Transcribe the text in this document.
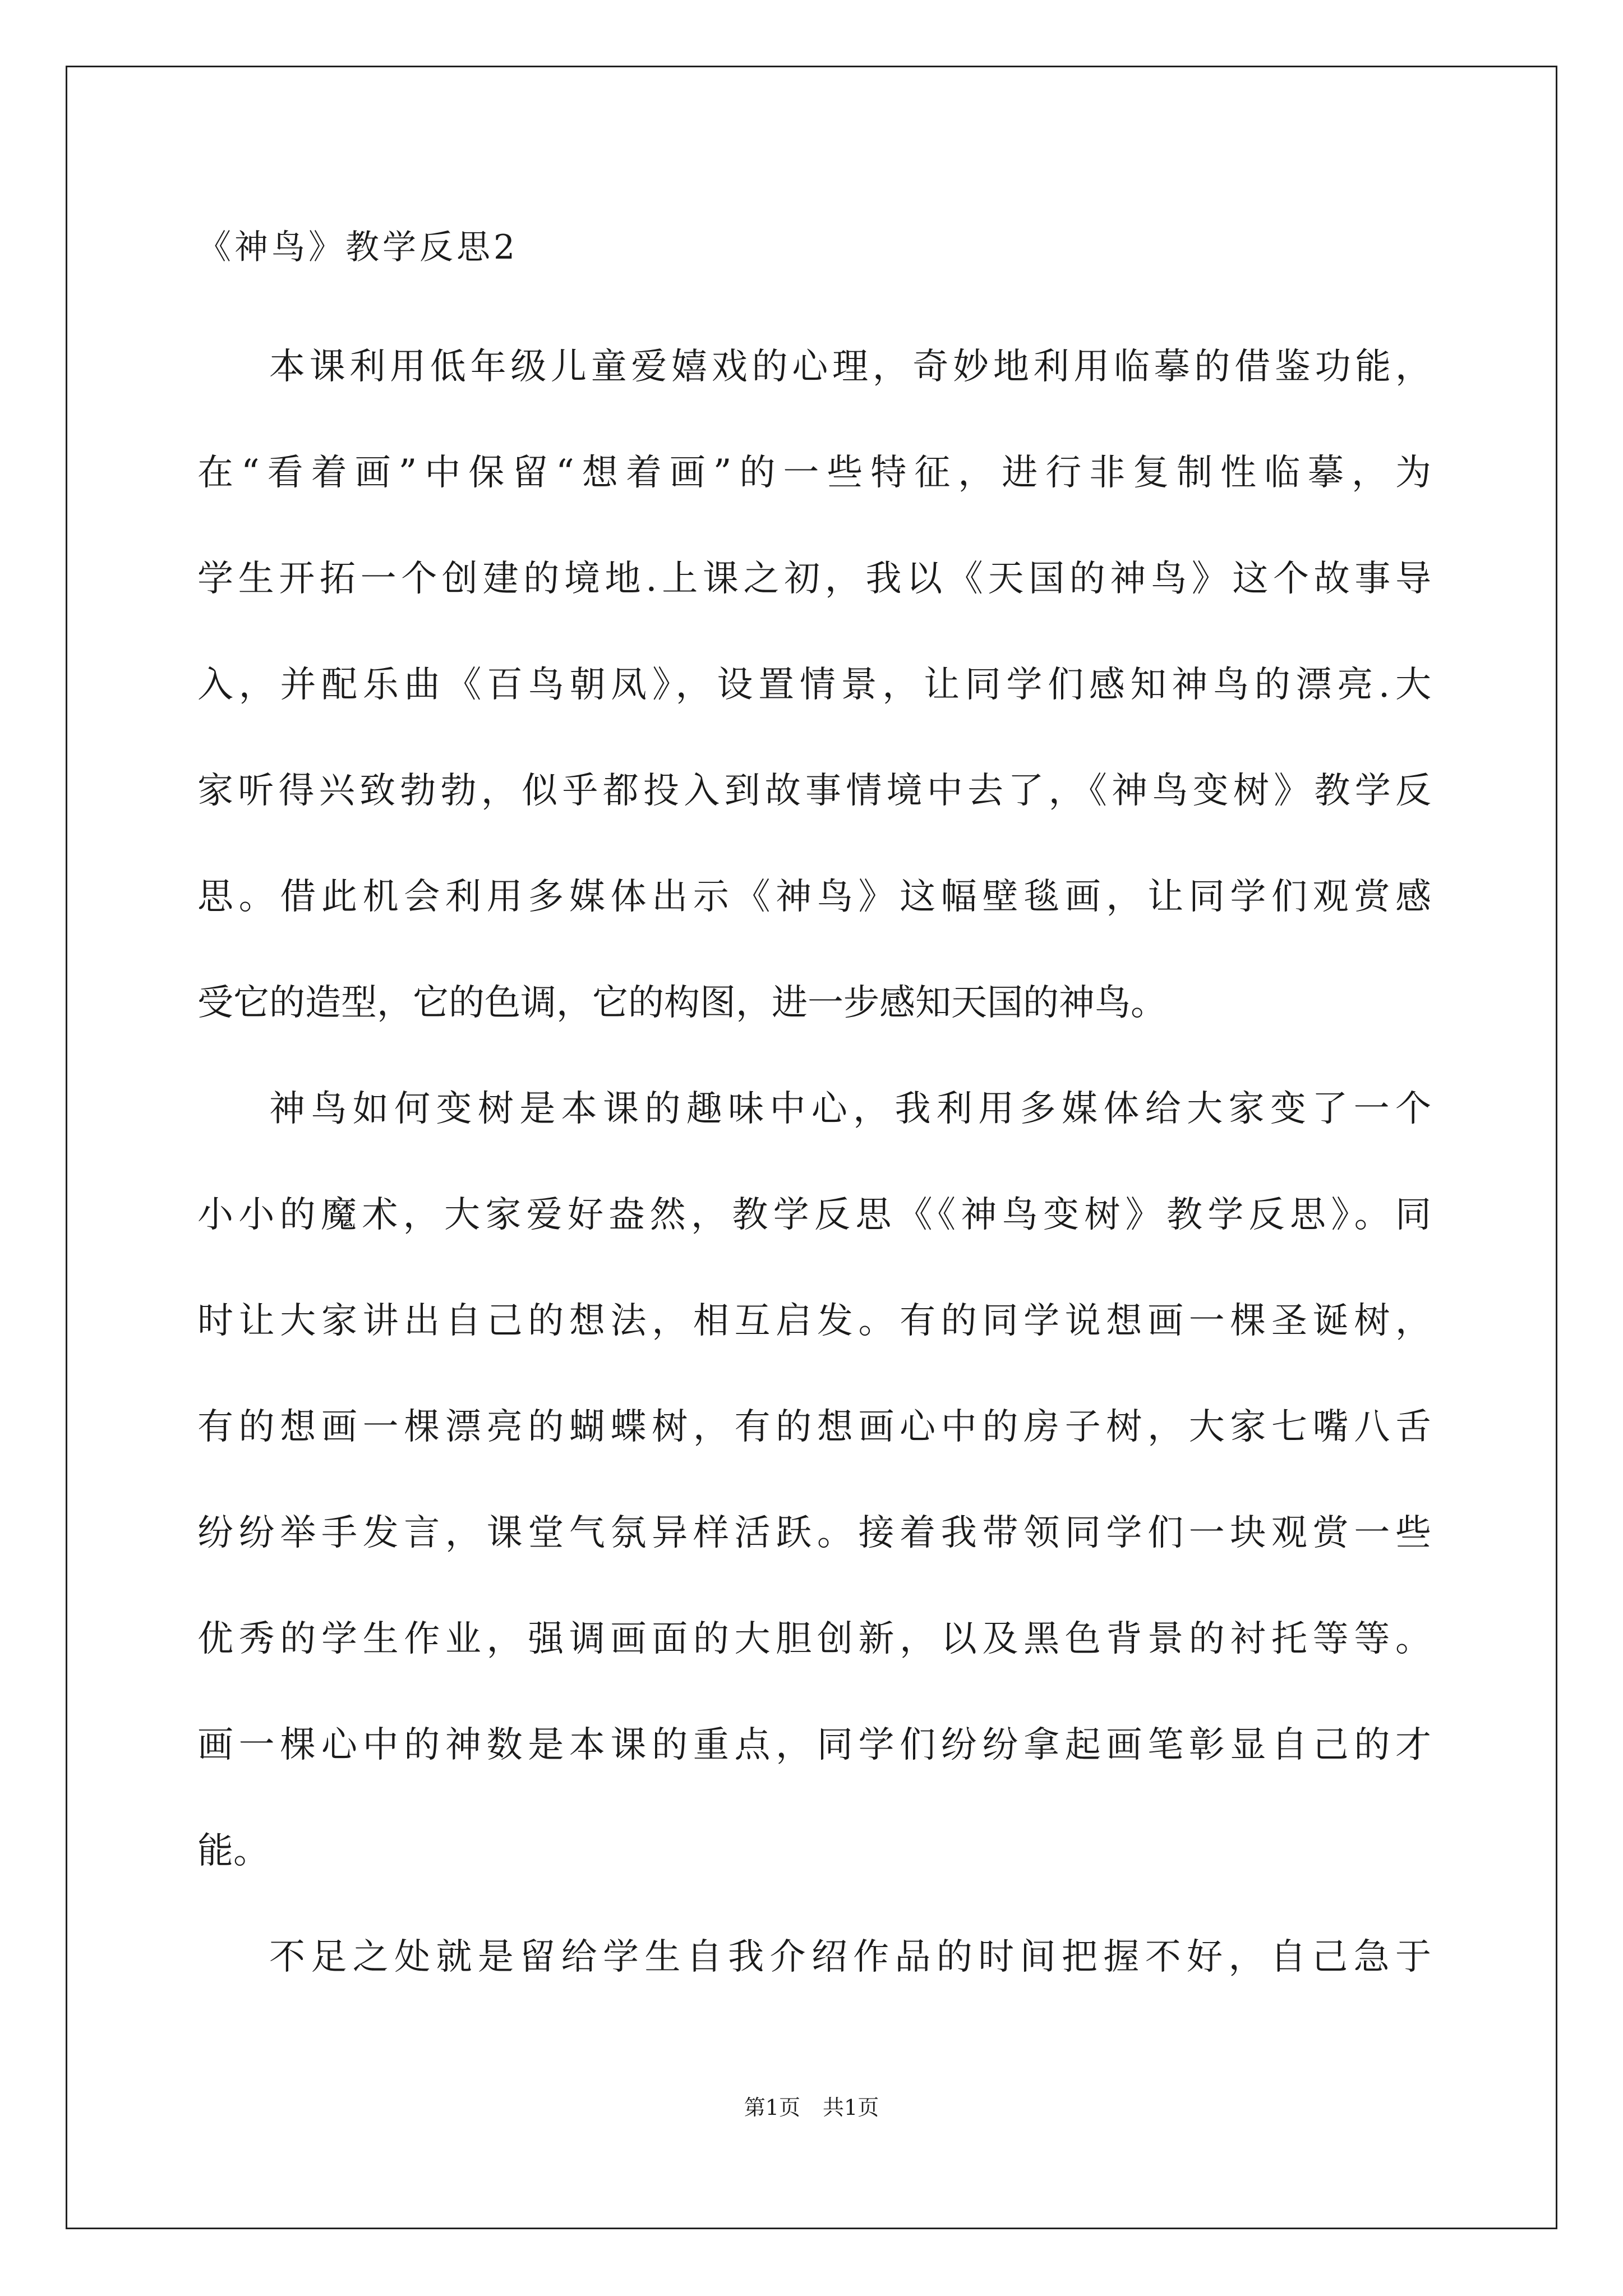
《神鸟》教学反思2

本课利用低年级儿童爱嬉戏的心理，奇妙地利用临摹的借鉴功能，

在“看着画”中保留“想着画”的一些特征，进行非复制性临摹，为

学生开拓一个创建的境地.上课之初，我以《天国的神鸟》这个故事导

入，并配乐曲《百鸟朝凤》，设置情景，让同学们感知神鸟的漂亮.大

家听得兴致勃勃，似乎都投入到故事情境中去了，《神鸟变树》教学反

思。借此机会利用多媒体出示《神鸟》这幅壁毯画，让同学们观赏感

受它的造型，它的色调，它的构图，进一步感知天国的神鸟。

神鸟如何变树是本课的趣味中心，我利用多媒体给大家变了一个

小小的魔术，大家爱好盎然，教学反思《《神鸟变树》教学反思》。同

时让大家讲出自己的想法，相互启发。有的同学说想画一棵圣诞树，

有的想画一棵漂亮的蝴蝶树，有的想画心中的房子树，大家七嘴八舌

纷纷举手发言，课堂气氛异样活跃。接着我带领同学们一块观赏一些

优秀的学生作业，强调画面的大胆创新，以及黑色背景的衬托等等。

画一棵心中的神数是本课的重点，同学们纷纷拿起画笔彰显自己的才

能。

不足之处就是留给学生自我介绍作品的时间把握不好，自己急于

第1页 共1页
